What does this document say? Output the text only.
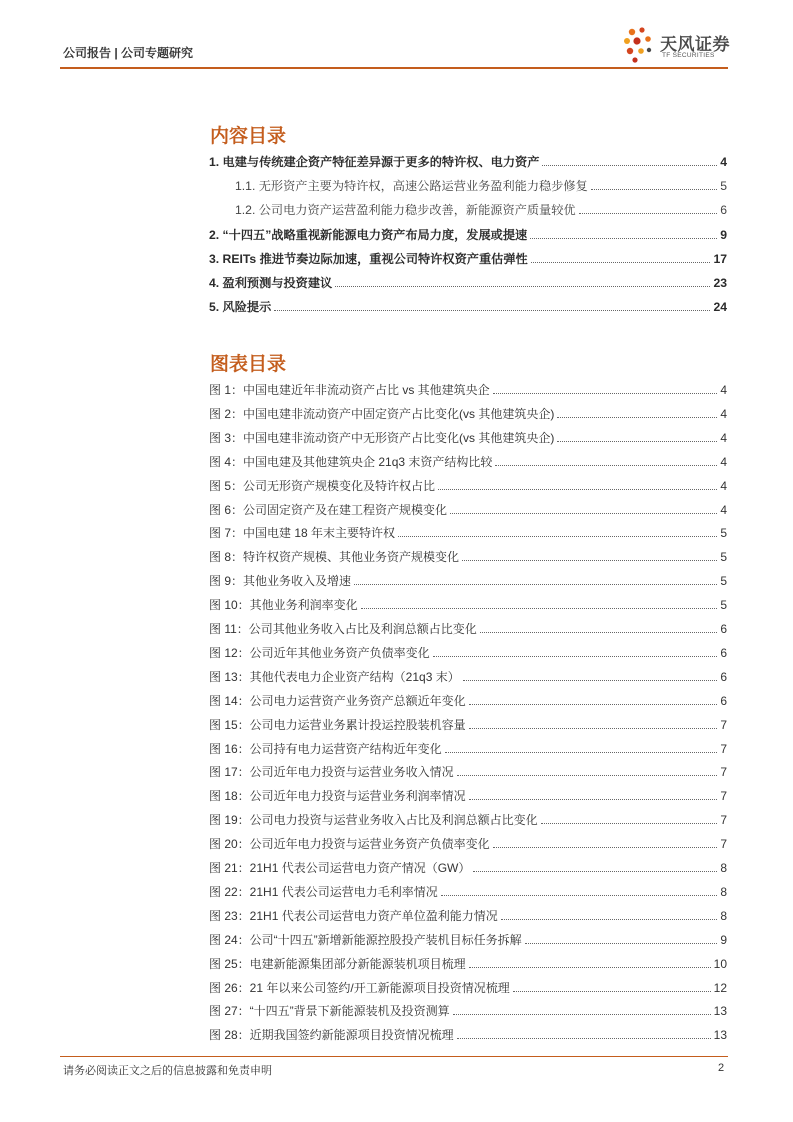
公司报告 | 公司专题研究	天风证券
TF SECURITIES
内容目录
1. 电建与传统建企资产特征差异源于更多的特许权、电力资产	4
1.1. 无形资产主要为特许权，高速公路运营业务盈利能力稳步修复	5
1.2. 公司电力资产运营盈利能力稳步改善，新能源资产质量较优	6
2. “十四五”战略重视新能源电力资产布局力度，发展或提速	9
3. REITs 推进节奏边际加速，重视公司特许权资产重估弹性	17
4. 盈利预测与投资建议	23
5. 风险提示	24
图表目录
图 1：中国电建近年非流动资产占比 vs 其他建筑央企	4
图 2：中国电建非流动资产中固定资产占比变化(vs 其他建筑央企)	4
图 3：中国电建非流动资产中无形资产占比变化(vs 其他建筑央企)	4
图 4：中国电建及其他建筑央企 21q3 末资产结构比较	4
图 5：公司无形资产规模变化及特许权占比	4
图 6：公司固定资产及在建工程资产规模变化	4
图 7：中国电建 18 年末主要特许权	5
图 8：特许权资产规模、其他业务资产规模变化	5
图 9：其他业务收入及增速	5
图 10：其他业务利润率变化	5
图 11：公司其他业务收入占比及利润总额占比变化	6
图 12：公司近年其他业务资产负债率变化	6
图 13：其他代表电力企业资产结构（21q3 末）	6
图 14：公司电力运营资产业务资产总额近年变化	6
图 15：公司电力运营业务累计投运控股装机容量	7
图 16：公司持有电力运营资产结构近年变化	7
图 17：公司近年电力投资与运营业务收入情况	7
图 18：公司近年电力投资与运营业务利润率情况	7
图 19：公司电力投资与运营业务收入占比及利润总额占比变化	7
图 20：公司近年电力投资与运营业务资产负债率变化	7
图 21：21H1 代表公司运营电力资产情况（GW）	8
图 22：21H1 代表公司运营电力毛利率情况	8
图 23：21H1 代表公司运营电力资产单位盈利能力情况	8
图 24：公司“十四五”新增新能源控股投产装机目标任务拆解	9
图 25：电建新能源集团部分新能源装机项目梳理	10
图 26：21 年以来公司签约/开工新能源项目投资情况梳理	12
图 27：“十四五”背景下新能源装机及投资测算	13
图 28：近期我国签约新能源项目投资情况梳理	13
请务必阅读正文之后的信息披露和免责申明	2
